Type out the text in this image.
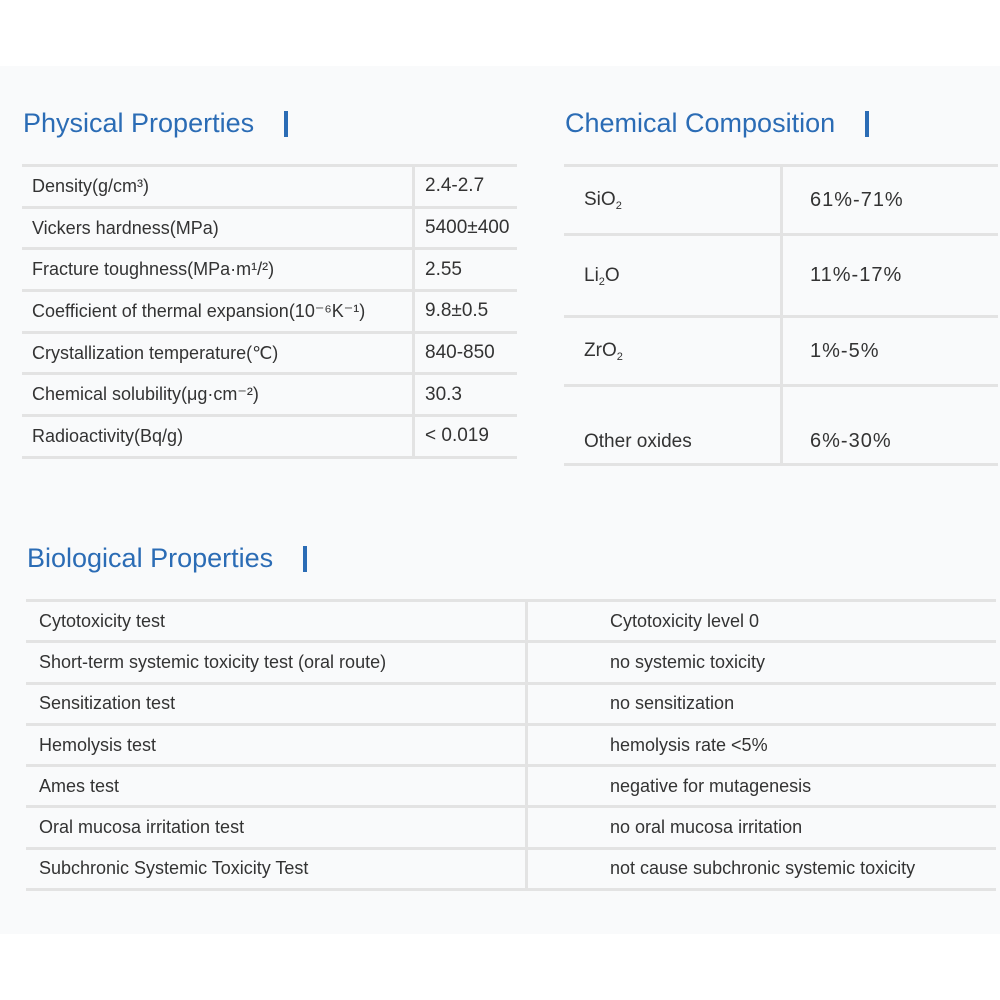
Physical Properties
Density(g/cm³)	2.4-2.7
Vickers hardness(MPa)	5400±400
Fracture toughness(MPa·m¹/²)	2.55
Coefficient of thermal expansion(10⁻⁶K⁻¹)	9.8±0.5
Crystallization temperature(℃)	840-850
Chemical solubility(μg·cm⁻²)	30.3
Radioactivity(Bq/g)	< 0.019
Chemical Composition
SiO$_2$	61%-71%
$Li_2O$	11%-17%
ZrO$_2$	1%-5%
Other oxides	6%-30%
Biological Properties
Cytotoxicity test	Cytotoxicity level 0
Short-term systemic toxicity test (oral route)	no systemic toxicity
Sensitization test	no sensitization
Hemolysis test	hemolysis rate <5%
Ames test	negative for mutagenesis
Oral mucosa irritation test	no oral mucosa irritation
Subchronic Systemic Toxicity Test	not cause subchronic systemic toxicity
